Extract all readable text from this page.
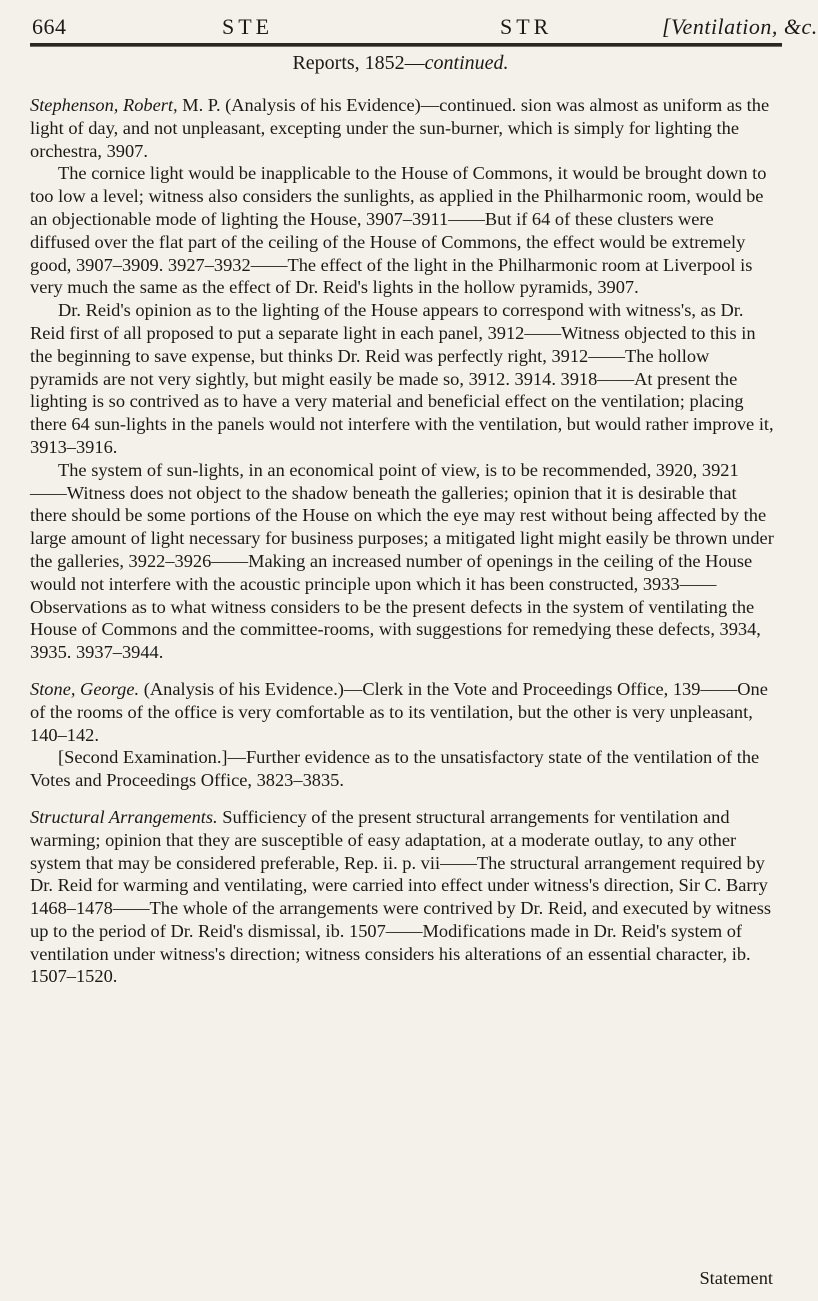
664	STE	STR	[Ventilation, &c.
Reports, 1852—continued.

Stephenson, Robert, M. P. (Analysis of his Evidence)—continued. sion was almost as uniform as the light of day, and not unpleasant, excepting under the sun-burner, which is simply for lighting the orchestra, 3907.

The cornice light would be inapplicable to the House of Commons, it would be brought down to too low a level; witness also considers the sunlights, as applied in the Philharmonic room, would be an objectionable mode of lighting the House, 3907–3911——But if 64 of these clusters were diffused over the flat part of the ceiling of the House of Commons, the effect would be extremely good, 3907–3909. 3927–3932——The effect of the light in the Philharmonic room at Liverpool is very much the same as the effect of Dr. Reid's lights in the hollow pyramids, 3907.

Dr. Reid's opinion as to the lighting of the House appears to correspond with witness's, as Dr. Reid first of all proposed to put a separate light in each panel, 3912——Witness objected to this in the beginning to save expense, but thinks Dr. Reid was perfectly right, 3912——The hollow pyramids are not very sightly, but might easily be made so, 3912. 3914. 3918——At present the lighting is so contrived as to have a very material and beneficial effect on the ventilation; placing there 64 sun-lights in the panels would not interfere with the ventilation, but would rather improve it, 3913–3916.

The system of sun-lights, in an economical point of view, is to be recommended, 3920, 3921——Witness does not object to the shadow beneath the galleries; opinion that it is desirable that there should be some portions of the House on which the eye may rest without being affected by the large amount of light necessary for business purposes; a mitigated light might easily be thrown under the galleries, 3922–3926——Making an increased number of openings in the ceiling of the House would not interfere with the acoustic principle upon which it has been constructed, 3933——Observations as to what witness considers to be the present defects in the system of ventilating the House of Commons and the committee-rooms, with suggestions for remedying these defects, 3934, 3935. 3937–3944.

Stone, George. (Analysis of his Evidence.)—Clerk in the Vote and Proceedings Office, 139——One of the rooms of the office is very comfortable as to its ventilation, but the other is very unpleasant, 140–142.

[Second Examination.]—Further evidence as to the unsatisfactory state of the ventilation of the Votes and Proceedings Office, 3823–3835.

Structural Arrangements. Sufficiency of the present structural arrangements for ventilation and warming; opinion that they are susceptible of easy adaptation, at a moderate outlay, to any other system that may be considered preferable, Rep. ii. p. vii——The structural arrangement required by Dr. Reid for warming and ventilating, were carried into effect under witness's direction, Sir C. Barry 1468–1478——The whole of the arrangements were contrived by Dr. Reid, and executed by witness up to the period of Dr. Reid's dismissal, ib. 1507——Modifications made in Dr. Reid's system of ventilation under witness's direction; witness considers his alterations of an essential character, ib. 1507–1520.

Statement
